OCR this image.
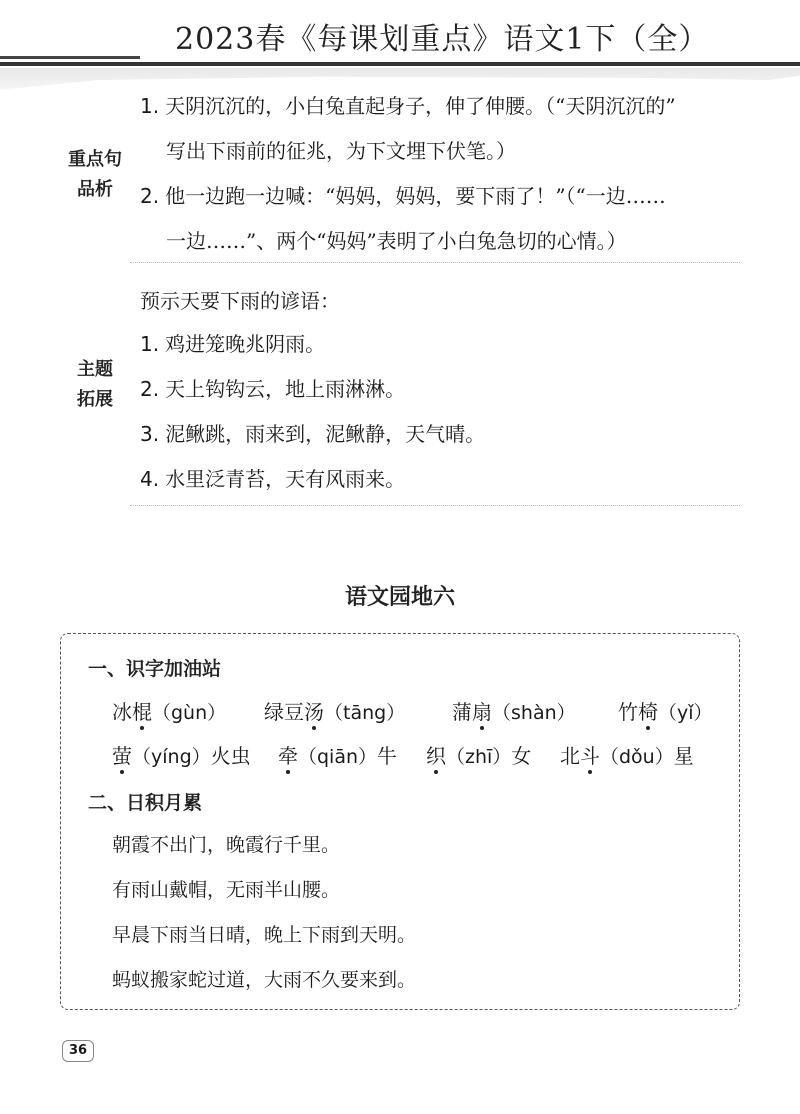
2023春《每课划重点》语文1下（全）
重点句
品析
1. 天阴沉沉的，小白兔直起身子，伸了伸腰。（“天阴沉沉的”
写出下雨前的征兆，为下文埋下伏笔。）
2. 他一边跑一边喊：“妈妈，妈妈，要下雨了！”（“一边……
一边……”、两个“妈妈”表明了小白兔急切的心情。）
主题
拓展
预示天要下雨的谚语：
1. 鸡进笼晚兆阴雨。
2. 天上钩钩云，地上雨淋淋。
3. 泥鳅跳，雨来到，泥鳅静，天气晴。
4. 水里泛青苔，天有风雨来。
语文园地六
一、识字加油站
冰棍（gùn） 绿豆汤（tāng） 蒲扇（shàn） 竹椅（yǐ）
萤（yíng）火虫 牵（qiān）牛 织（zhī）女 北斗（dǒu）星
二、日积月累
朝霞不出门，晚霞行千里。
有雨山戴帽，无雨半山腰。
早晨下雨当日晴，晚上下雨到天明。
蚂蚁搬家蛇过道，大雨不久要来到。
36
